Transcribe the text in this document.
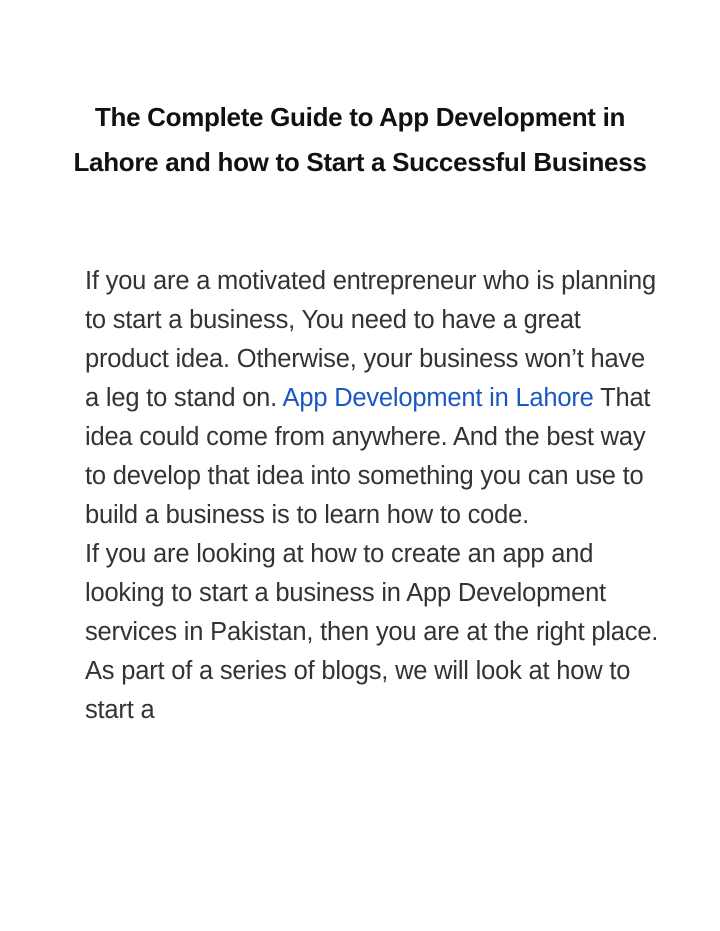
The Complete Guide to App Development in Lahore and how to Start a Successful Business

If you are a motivated entrepreneur who is planning to start a business, You need to have a great product idea. Otherwise, your business won’t have a leg to stand on. App Development in Lahore That idea could come from anywhere. And the best way to develop that idea into something you can use to build a business is to learn how to code.

If you are looking at how to create an app and looking to start a business in App Development services in Pakistan, then you are at the right place. As part of a series of blogs, we will look at how to start a
